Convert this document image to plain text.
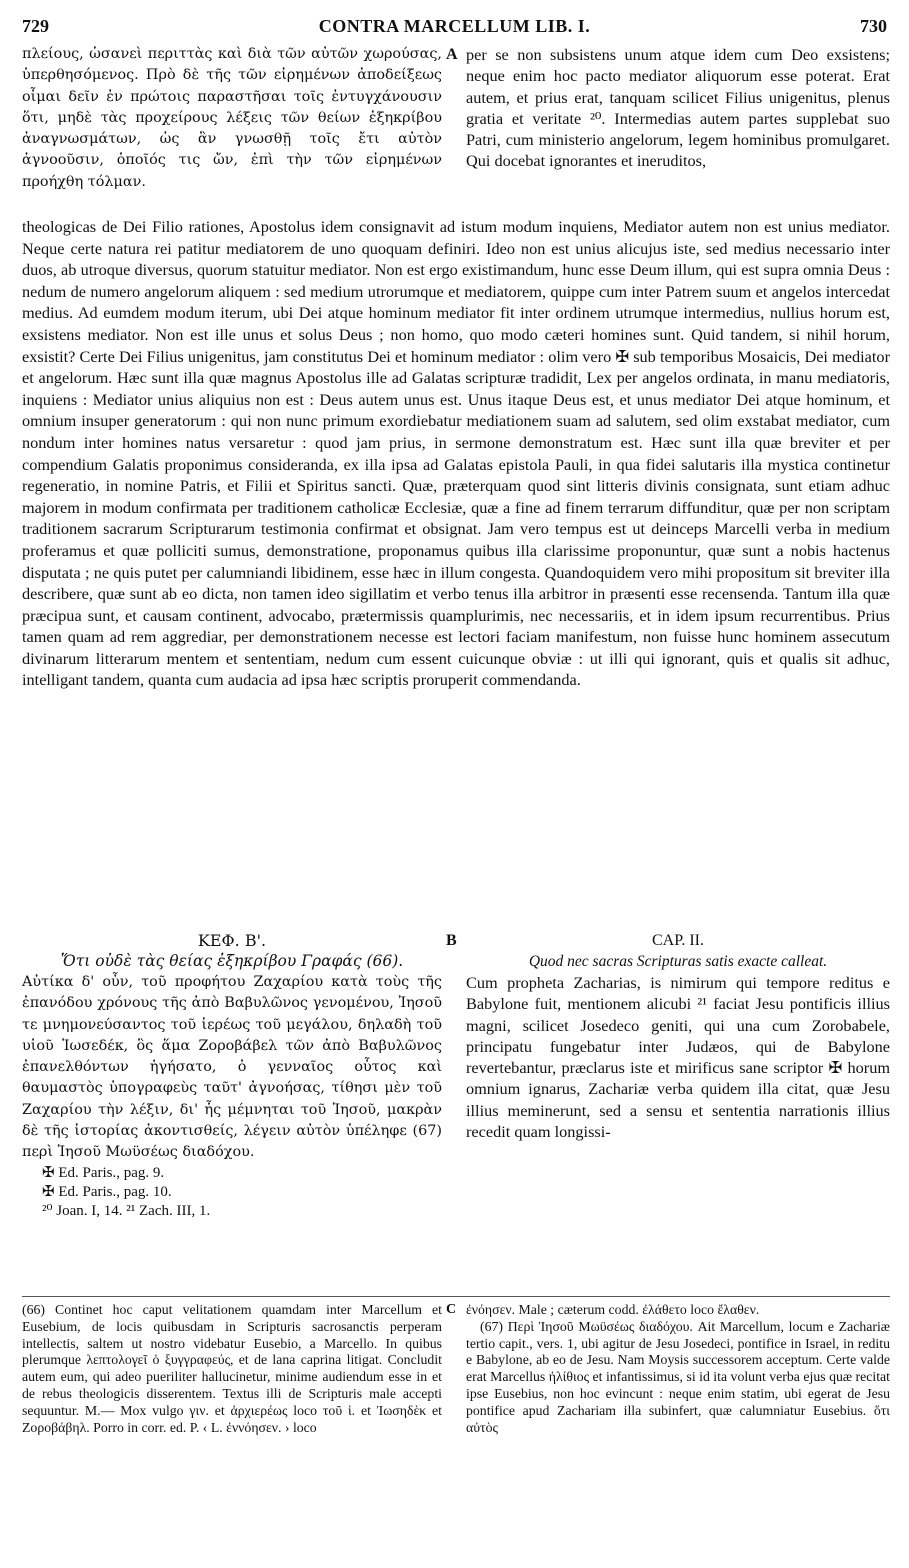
729	CONTRA MARCELLUM LIB. I.	730

πλείους, ὡσανεὶ περιττὰς καὶ διὰ τῶν αὐτῶν χωρούσας, ὑπερθησόμενος. Πρὸ δὲ τῆς τῶν εἰρημένων ἀποδείξεως οἶμαι δεῖν ἐν πρώτοις παραστῆσαι τοῖς ἐντυγχάνουσιν ὅτι, μηδὲ τὰς προχείρους λέξεις τῶν θείων ἐξηκρίβου ἀναγνωσμάτων, ὡς ἂν γνωσθῇ τοῖς ἔτι αὐτὸν ἀγνοοῦσιν, ὁποῖός τις ὤν, ἐπὶ τὴν τῶν εἰρημένων προήχθη τόλμαν.

A per se non subsistens unum atque idem cum Deo exsistens; neque enim hoc pacto mediator aliquorum esse poterat. Erat autem, et prius erat, tanquam scilicet Filius unigenitus, plenus gratia et veritate ²⁰. Intermedias autem partes supplebat suo Patri, cum ministerio angelorum, legem hominibus promulgaret. Qui docebat ignorantes et ineruditos,

theologicas de Dei Filio rationes, Apostolus idem consignavit ad istum modum inquiens, Mediator autem non est unius mediator. Neque certe natura rei patitur mediatorem de uno quoquam definiri. Ideo non est unius alicujus iste, sed medius necessario inter duos, ab utroque diversus, quorum statuitur mediator. Non est ergo existimandum, hunc esse Deum illum, qui est supra omnia Deus : nedum de numero angelorum aliquem : sed medium utrorumque et mediatorem, quippe cum inter Patrem suum et angelos intercedat medius. Ad eumdem modum iterum, ubi Dei atque hominum mediator fit inter ordinem utrumque intermedius, nullius horum est, exsistens mediator. Non est ille unus et solus Deus ; non homo, quo modo cæteri homines sunt. Quid tandem, si nihil horum, exsistit? Certe Dei Filius unigenitus, jam constitutus Dei et hominum mediator : olim vero ✠ sub temporibus Mosaicis, Dei mediator et angelorum. Hæc sunt illa quæ magnus Apostolus ille ad Galatas scripturæ tradidit, Lex per angelos ordinata, in manu mediatoris, inquiens : Mediator unius aliquius non est : Deus autem unus est. Unus itaque Deus est, et unus mediator Dei atque hominum, et omnium insuper generatorum : qui non nunc primum exordiebatur mediationem suam ad salutem, sed olim exstabat mediator, cum nondum inter homines natus versaretur : quod jam prius, in sermone demonstratum est. Hæc sunt illa quæ breviter et per compendium Galatis proponimus consideranda, ex illa ipsa ad Galatas epistola Pauli, in qua fidei salutaris illa mystica continetur regeneratio, in nomine Patris, et Filii et Spiritus sancti. Quæ, præterquam quod sint litteris divinis consignata, sunt etiam adhuc majorem in modum confirmata per traditionem catholicæ Ecclesiæ, quæ a fine ad finem terrarum diffunditur, quæ per non scriptam traditionem sacrarum Scripturarum testimonia confirmat et obsignat. Jam vero tempus est ut deinceps Marcelli verba in medium proferamus et quæ polliciti sumus, demonstratione, proponamus quibus illa clarissime proponuntur, quæ sunt a nobis hactenus disputata ; ne quis putet per calumniandi libidinem, esse hæc in illum congesta. Quandoquidem vero mihi propositum sit breviter illa describere, quæ sunt ab eo dicta, non tamen ideo sigillatim et verbo tenus illa arbitror in præsenti esse recensenda. Tantum illa quæ præcipua sunt, et causam continent, advocabo, prætermissis quamplurimis, nec necessariis, et in idem ipsum recurrentibus. Prius tamen quam ad rem aggrediar, per demonstrationem necesse est lectori faciam manifestum, non fuisse hunc hominem assecutum divinarum litterarum mentem et sententiam, nedum cum essent cuicunque obviæ : ut illi qui ignorant, quis et qualis sit adhuc, intelligant tandem, quanta cum audacia ad ipsa hæc scriptis proruperit commendanda.

ΚΕΦ. Β'.
Ὅτι οὐδὲ τὰς θείας ἐξηκρίβου Γραφάς (66).

Αὐτίκα δ' οὖν, τοῦ προφήτου Ζαχαρίου κατὰ τοὺς τῆς ἐπανόδου χρόνους τῆς ἀπὸ Βαβυλῶνος γενομένου, Ἰησοῦ τε μνημονεύσαντος τοῦ ἱερέως τοῦ μεγάλου, δηλαδὴ τοῦ υἱοῦ Ἰωσεδέκ, ὃς ἅμα Ζοροβάβελ τῶν ἀπὸ Βαβυλῶνος ἐπανελθόντων ἡγήσατο, ὁ γενναῖος οὗτος καὶ θαυμαστὸς ὑπογραφεὺς ταῦτ' ἀγνοήσας, τίθησι μὲν τοῦ Ζαχαρίου τὴν λέξιν, δι' ἧς μέμνηται τοῦ Ἰησοῦ, μακρὰν δὲ τῆς ἱστορίας ἀκοντισθείς, λέγειν αὐτὸν ὑπέληφε (67) περὶ Ἰησοῦ Μωϋσέως διαδόχου.

✠ Ed. Paris., pag. 9.
✠ Ed. Paris., pag. 10.
²⁰ Joan. I, 14. ²¹ Zach. III, 1.
B	CAP. II.
Quod nec sacras Scripturas satis exacte calleat.

Cum propheta Zacharias, is nimirum qui tempore reditus e Babylone fuit, mentionem alicubi ²¹ faciat Jesu pontificis illius magni, scilicet Josedeco geniti, qui una cum Zorobabele, principatu fungebatur inter Judæos, qui de Babylone revertebantur, præclarus iste et mirificus sane scriptor ✠ horum omnium ignarus, Zachariæ verba quidem illa citat, quæ Jesu illius meminerunt, sed a sensu et sententia narrationis illius recedit quam longissi-

(66) Continet hoc caput velitationem quamdam inter Marcellum et Eusebium, de locis quibusdam in Scripturis sacrosanctis perperam intellectis, saltem ut nostro videbatur Eusebio, a Marcello. In quibus plerumque λεπτολογεῖ ὁ ξυγγραφεύς, et de lana caprina litigat. Concludit autem eum, qui adeo pueriliter hallucinetur, minime audiendum esse in et de rebus theologicis disserentem. Textus illi de Scripturis male accepti sequuntur. M.— Mox vulgo γιν. et ἀρχιερέως loco τοῦ ἱ. et Ἰωσηδὲκ et Ζοροβάβηλ. Porro in corr. ed. P. ‹ L. ἐννόησεν. › loco

C ἐνόησεν. Male ; cæterum codd. ἐλάθετο loco ἔλαθεν.

(67) Περὶ Ἰησοῦ Μωϋσέως διαδόχου. Ait Marcellum, locum e Zachariæ tertio capit., vers. 1, ubi agitur de Jesu Josedeci, pontifice in Israel, in reditu e Babylone, ab eo de Jesu. Nam Moysis successorem acceptum. Certe valde erat Marcellus ἠλίθιος et infantissimus, si id ita volunt verba ejus quæ recitat ipse Eusebius, non hoc evincunt : neque enim statim, ubi egerat de Jesu pontifice apud Zachariam illa subinfert, quæ calumniatur Eusebius. ὅτι αὐτὸς
